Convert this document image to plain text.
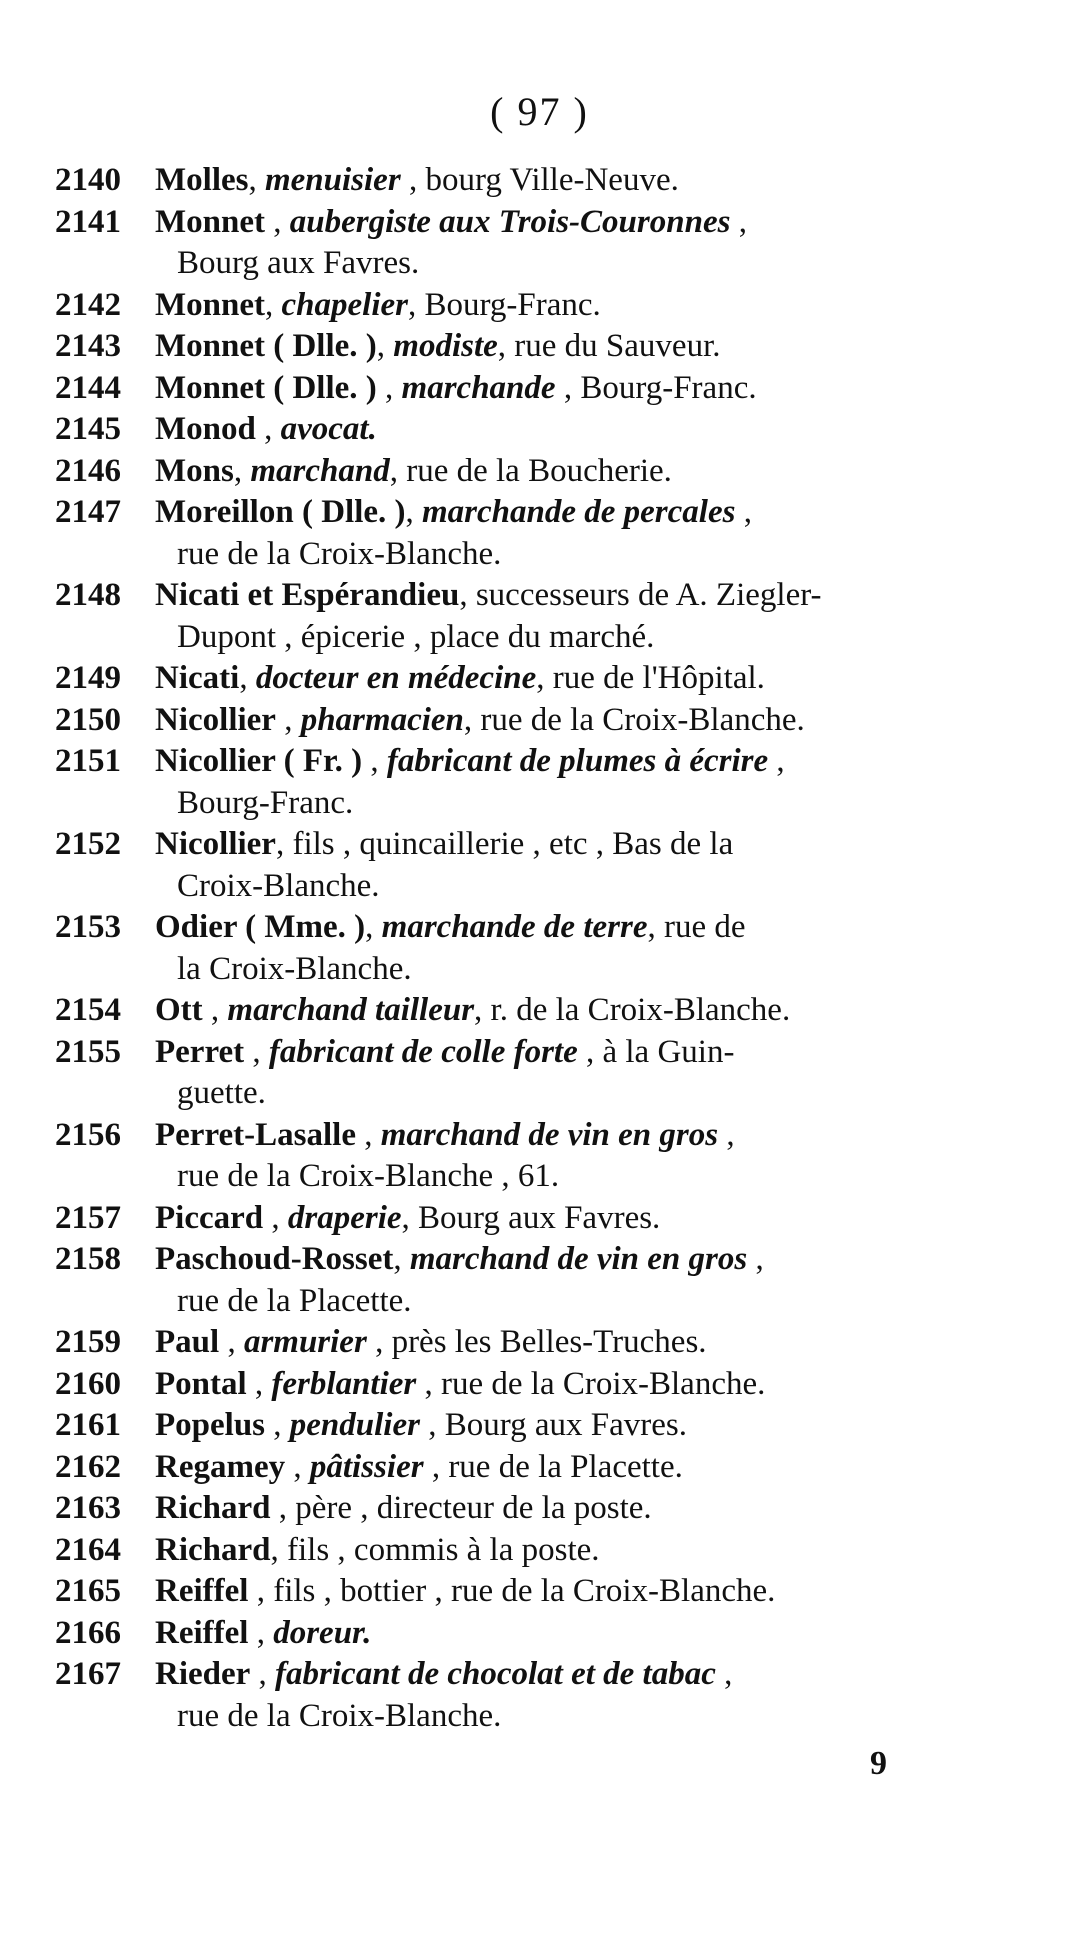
( 97 )
2140	Molles, menuisier , bourg Ville-Neuve.
2141	Monnet , aubergiste aux Trois-Couronnes ,
Bourg aux Favres.
2142	Monnet, chapelier, Bourg-Franc.
2143	Monnet ( Dlle. ), modiste, rue du Sauveur.
2144	Monnet ( Dlle. ) , marchande , Bourg-Franc.
2145	Monod , avocat.
2146	Mons, marchand, rue de la Boucherie.
2147	Moreillon ( Dlle. ), marchande de percales ,
rue de la Croix-Blanche.
2148	Nicati et Espérandieu, successeurs de A. Ziegler-
Dupont , épicerie , place du marché.
2149	Nicati, docteur en médecine, rue de l'Hôpital.
2150	Nicollier , pharmacien, rue de la Croix-Blanche.
2151	Nicollier ( Fr. ) , fabricant de plumes à écrire ,
Bourg-Franc.
2152	Nicollier, fils , quincaillerie , etc , Bas de la
Croix-Blanche.
2153	Odier ( Mme. ), marchande de terre, rue de
la Croix-Blanche.
2154	Ott , marchand tailleur, r. de la Croix-Blanche.
2155	Perret , fabricant de colle forte , à la Guin-
guette.
2156	Perret-Lasalle , marchand de vin en gros ,
rue de la Croix-Blanche , 61.
2157	Piccard , draperie, Bourg aux Favres.
2158	Paschoud-Rosset, marchand de vin en gros ,
rue de la Placette.
2159	Paul , armurier , près les Belles-Truches.
2160	Pontal , ferblantier , rue de la Croix-Blanche.
2161	Popelus , pendulier , Bourg aux Favres.
2162	Regamey , pâtissier , rue de la Placette.
2163	Richard , père , directeur de la poste.
2164	Richard, fils , commis à la poste.
2165	Reiffel , fils , bottier , rue de la Croix-Blanche.
2166	Reiffel , doreur.
2167	Rieder , fabricant de chocolat et de tabac ,
rue de la Croix-Blanche.
9
